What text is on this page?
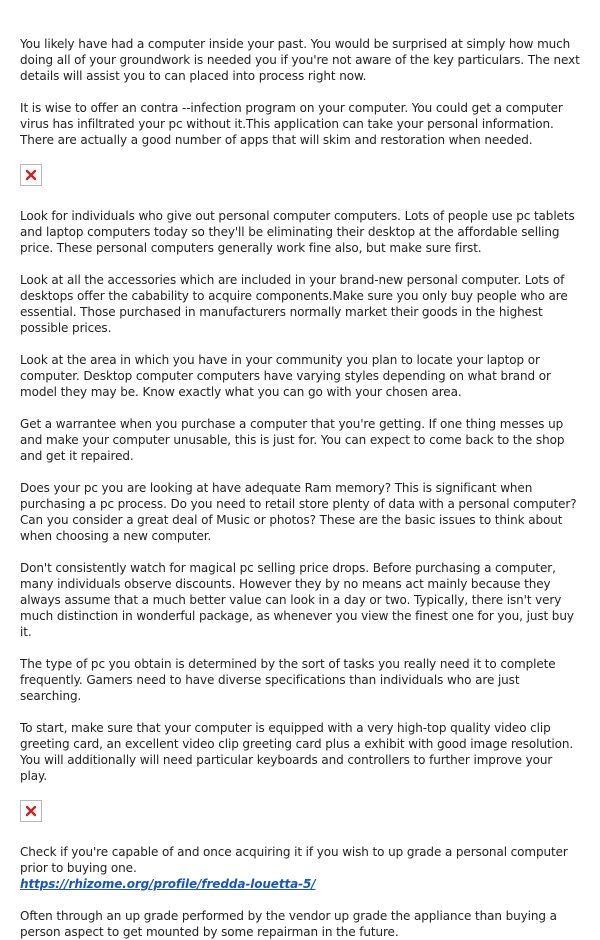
You likely have had a computer inside your past. You would be surprised at simply how much doing all of your groundwork is needed you if you're not aware of the key particulars. The next details will assist you to can placed into process right now.

It is wise to offer an contra --infection program on your computer. You could get a computer virus has infiltrated your pc without it.This application can take your personal information. There are actually a good number of apps that will skim and restoration when needed.

Look for individuals who give out personal computer computers. Lots of people use pc tablets and laptop computers today so they'll be eliminating their desktop at the affordable selling price. These personal computers generally work fine also, but make sure first.

Look at all the accessories which are included in your brand-new personal computer. Lots of desktops offer the cabability to acquire components.Make sure you only buy people who are essential. Those purchased in manufacturers normally market their goods in the highest possible prices.

Look at the area in which you have in your community you plan to locate your laptop or computer. Desktop computer computers have varying styles depending on what brand or model they may be. Know exactly what you can go with your chosen area.

Get a warrantee when you purchase a computer that you're getting. If one thing messes up and make your computer unusable, this is just for. You can expect to come back to the shop and get it repaired.

Does your pc you are looking at have adequate Ram memory? This is significant when purchasing a pc process. Do you need to retail store plenty of data with a personal computer? Can you consider a great deal of Music or photos? These are the basic issues to think about when choosing a new computer.

Don't consistently watch for magical pc selling price drops. Before purchasing a computer, many individuals observe discounts. However they by no means act mainly because they always assume that a much better value can look in a day or two. Typically, there isn't very much distinction in wonderful package, as whenever you view the finest one for you, just buy it.

The type of pc you obtain is determined by the sort of tasks you really need it to complete frequently. Gamers need to have diverse specifications than individuals who are just searching.

To start, make sure that your computer is equipped with a very high-top quality video clip greeting card, an excellent video clip greeting card plus a exhibit with good image resolution. You will additionally will need particular keyboards and controllers to further improve your play.

Check if you're capable of and once acquiring it if you wish to up grade a personal computer prior to buying one.
https://rhizome.org/profile/fredda-louetta-5/

Often through an up grade performed by the vendor up grade the appliance than buying a person aspect to get mounted by some repairman in the future.
